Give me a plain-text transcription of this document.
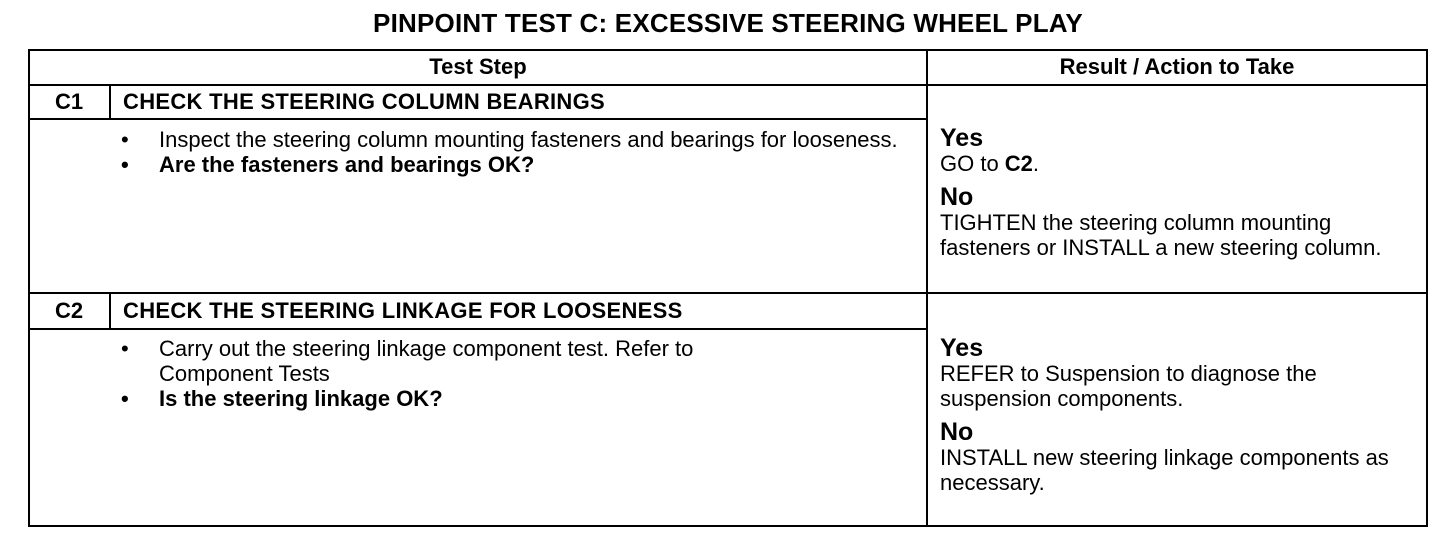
PINPOINT TEST C: EXCESSIVE STEERING WHEEL PLAY
Test Step	Result / Action to Take
C1	CHECK THE STEERING COLUMN BEARINGS
• Inspect the steering column mounting fasteners and bearings for looseness.
• Are the fasteners and bearings OK?
Yes
GO to C2.
No
TIGHTEN the steering column mounting fasteners or INSTALL a new steering column.
C2	CHECK THE STEERING LINKAGE FOR LOOSENESS
• Carry out the steering linkage component test. Refer to Component Tests
• Is the steering linkage OK?
Yes
REFER to Suspension to diagnose the suspension components.
No
INSTALL new steering linkage components as necessary.
